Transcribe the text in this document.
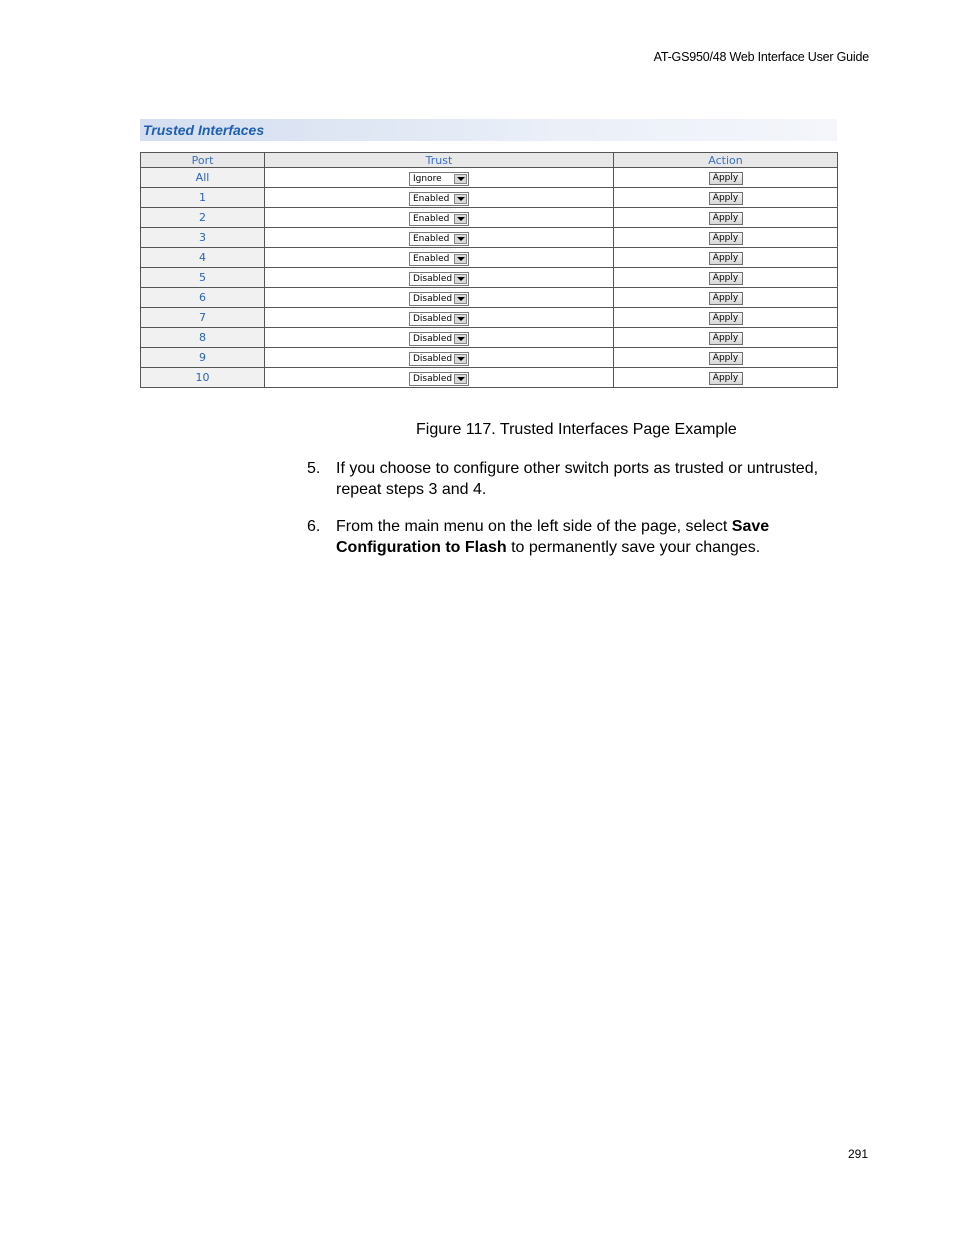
AT-GS950/48 Web Interface User Guide
Trusted Interfaces
Port	Trust	Action
All	Ignore	Apply
1	Enabled	Apply
2	Enabled	Apply
3	Enabled	Apply
4	Enabled	Apply
5	Disabled	Apply
6	Disabled	Apply
7	Disabled	Apply
8	Disabled	Apply
9	Disabled	Apply
10	Disabled	Apply
Figure 117. Trusted Interfaces Page Example
5. If you choose to configure other switch ports as trusted or untrusted, repeat steps 3 and 4.
6. From the main menu on the left side of the page, select Save Configuration to Flash to permanently save your changes.
291
